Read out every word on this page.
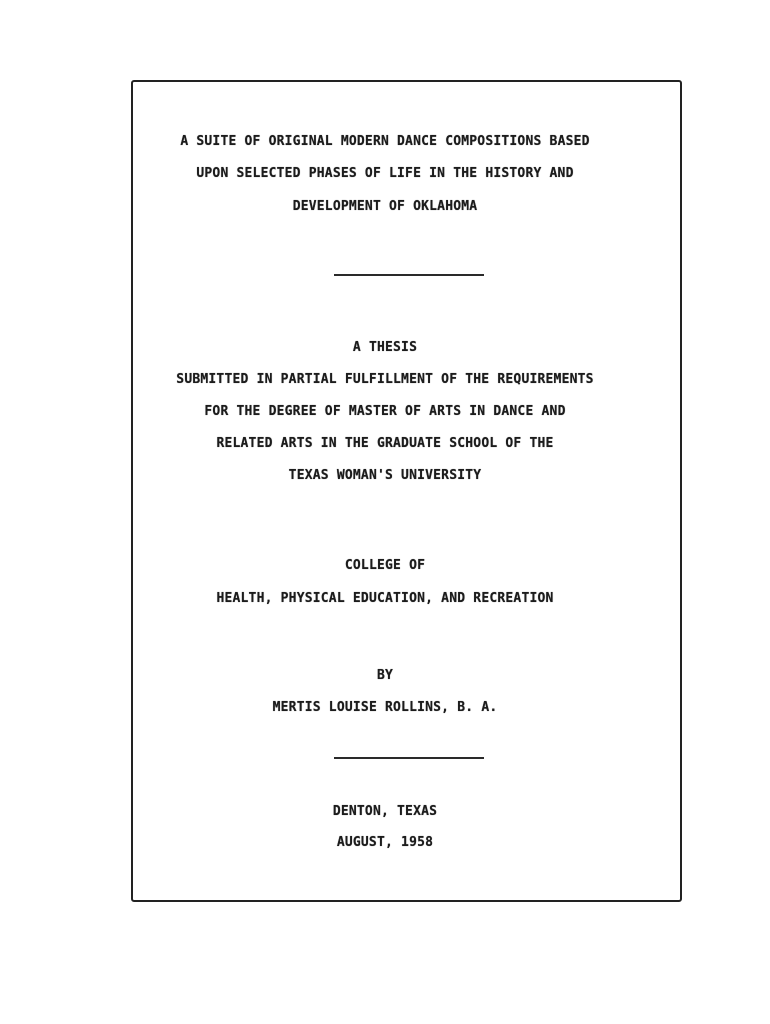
A SUITE OF ORIGINAL MODERN DANCE COMPOSITIONS BASED
UPON SELECTED PHASES OF LIFE IN THE HISTORY AND
DEVELOPMENT OF OKLAHOMA
A THESIS
SUBMITTED IN PARTIAL FULFILLMENT OF THE REQUIREMENTS
FOR THE DEGREE OF MASTER OF ARTS IN DANCE AND
RELATED ARTS IN THE GRADUATE SCHOOL OF THE
TEXAS WOMAN'S UNIVERSITY
COLLEGE OF
HEALTH, PHYSICAL EDUCATION, AND RECREATION
BY
MERTIS LOUISE ROLLINS, B. A.
DENTON, TEXAS
AUGUST, 1958
